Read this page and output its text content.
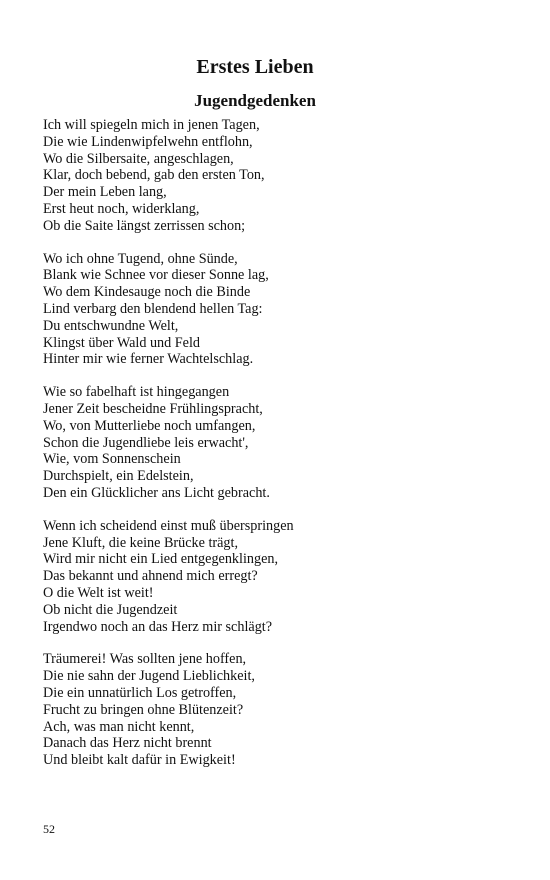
Erstes Lieben
Jugendgedenken
Ich will spiegeln mich in jenen Tagen,
Die wie Lindenwipfelwehn entflohn,
Wo die Silbersaite, angeschlagen,
Klar, doch bebend, gab den ersten Ton,
Der mein Leben lang,
Erst heut noch, widerklang,
Ob die Saite längst zerrissen schon;
Wo ich ohne Tugend, ohne Sünde,
Blank wie Schnee vor dieser Sonne lag,
Wo dem Kindesauge noch die Binde
Lind verbarg den blendend hellen Tag:
Du entschwundne Welt,
Klingst über Wald und Feld
Hinter mir wie ferner Wachtelschlag.
Wie so fabelhaft ist hingegangen
Jener Zeit bescheidne Frühlingspracht,
Wo, von Mutterliebe noch umfangen,
Schon die Jugendliebe leis erwacht',
Wie, vom Sonnenschein
Durchspielt, ein Edelstein,
Den ein Glücklicher ans Licht gebracht.
Wenn ich scheidend einst muß überspringen
Jene Kluft, die keine Brücke trägt,
Wird mir nicht ein Lied entgegenklingen,
Das bekannt und ahnend mich erregt?
O die Welt ist weit!
Ob nicht die Jugendzeit
Irgendwo noch an das Herz mir schlägt?
Träumerei! Was sollten jene hoffen,
Die nie sahn der Jugend Lieblichkeit,
Die ein unnatürlich Los getroffen,
Frucht zu bringen ohne Blütenzeit?
Ach, was man nicht kennt,
Danach das Herz nicht brennt
Und bleibt kalt dafür in Ewigkeit!
52
